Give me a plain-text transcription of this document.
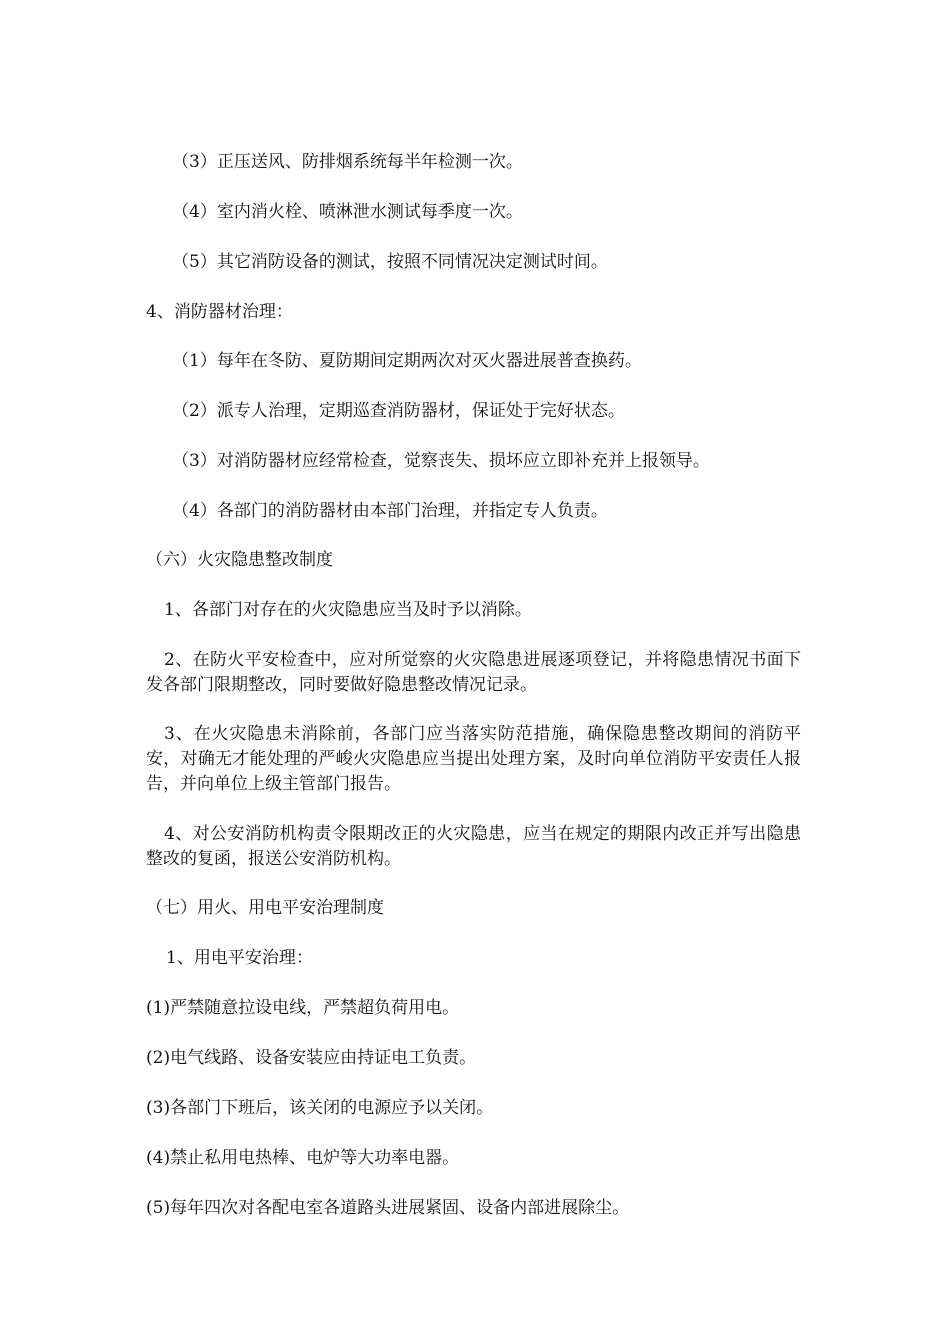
（3）正压送风、防排烟系统每半年检测一次。
（4）室内消火栓、喷淋泄水测试每季度一次。
（5）其它消防设备的测试，按照不同情况决定测试时间。
4、消防器材治理：
（1）每年在冬防、夏防期间定期两次对灭火器进展普查换药。
（2）派专人治理，定期巡查消防器材，保证处于完好状态。
（3）对消防器材应经常检查，觉察丧失、损坏应立即补充并上报领导。
（4）各部门的消防器材由本部门治理，并指定专人负责。
（六）火灾隐患整改制度
1、各部门对存在的火灾隐患应当及时予以消除。
2、在防火平安检查中，应对所觉察的火灾隐患进展逐项登记，并将隐患情况书面下发各部门限期整改，同时要做好隐患整改情况记录。
3、在火灾隐患未消除前，各部门应当落实防范措施，确保隐患整改期间的消防平安，对确无才能处理的严峻火灾隐患应当提出处理方案，及时向单位消防平安责任人报告，并向单位上级主管部门报告。
4、对公安消防机构责令限期改正的火灾隐患，应当在规定的期限内改正并写出隐患整改的复函，报送公安消防机构。
（七）用火、用电平安治理制度
1、用电平安治理：
(1)严禁随意拉设电线，严禁超负荷用电。
(2)电气线路、设备安装应由持证电工负责。
(3)各部门下班后，该关闭的电源应予以关闭。
(4)禁止私用电热棒、电炉等大功率电器。
(5)每年四次对各配电室各道路头进展紧固、设备内部进展除尘。
